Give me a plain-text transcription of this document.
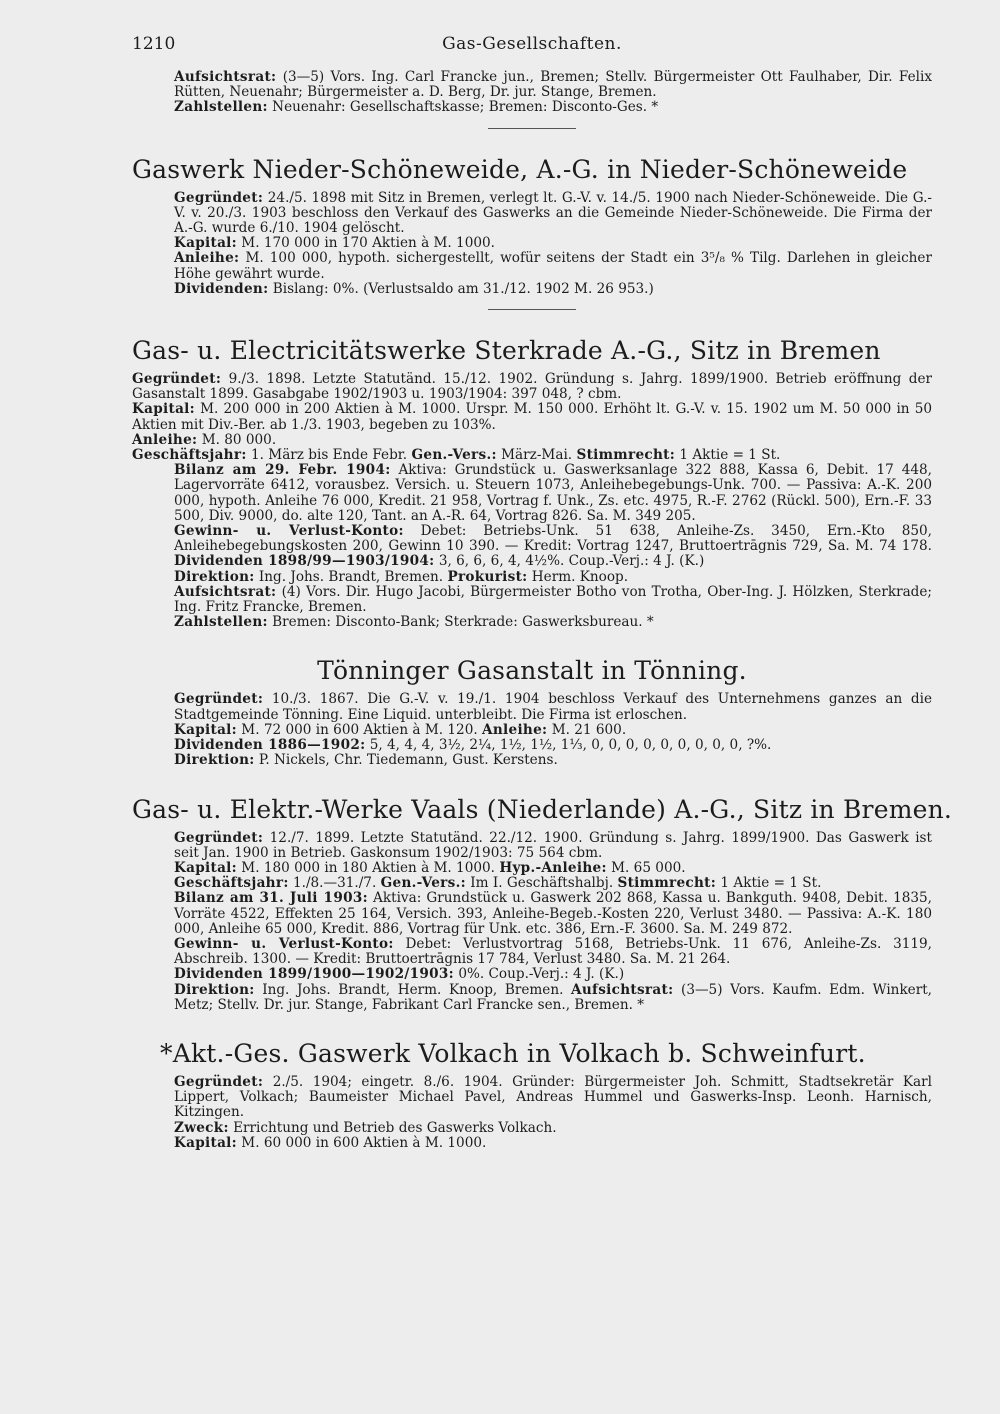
1210	Gas-Gesellschaften.

Aufsichtsrat: (3—5) Vors. Ing. Carl Francke jun., Bremen; Stellv. Bürgermeister Ott Faulhaber, Dir. Felix Rütten, Neuenahr; Bürgermeister a. D. Berg, Dr. jur. Stange, Bremen.

Zahlstellen: Neuenahr: Gesellschaftskasse; Bremen: Disconto-Ges. *

Gaswerk Nieder-Schöneweide, A.-G. in Nieder-Schöneweide

Gegründet: 24./5. 1898 mit Sitz in Bremen, verlegt lt. G.-V. v. 14./5. 1900 nach Nieder-Schöneweide. Die G.-V. v. 20./3. 1903 beschloss den Verkauf des Gaswerks an die Gemeinde Nieder-Schöneweide. Die Firma der A.-G. wurde 6./10. 1904 gelöscht.

Kapital: M. 170 000 in 170 Aktien à M. 1000.

Anleihe: M. 100 000, hypoth. sichergestellt, wofür seitens der Stadt ein 3⁵/₈ % Tilg. Darlehen in gleicher Höhe gewährt wurde.

Dividenden: Bislang: 0%. (Verlustsaldo am 31./12. 1902 M. 26 953.)

Gas- u. Electricitätswerke Sterkrade A.-G., Sitz in Bremen

Gegründet: 9./3. 1898. Letzte Statutänd. 15./12. 1902. Gründung s. Jahrg. 1899/1900. Betrieb eröffnung der Gasanstalt 1899. Gasabgabe 1902/1903 u. 1903/1904: 397 048, ? cbm.

Kapital: M. 200 000 in 200 Aktien à M. 1000. Urspr. M. 150 000. Erhöht lt. G.-V. v. 15. 1902 um M. 50 000 in 50 Aktien mit Div.-Ber. ab 1./3. 1903, begeben zu 103%.

Anleihe: M. 80 000.

Geschäftsjahr: 1. März bis Ende Febr. Gen.-Vers.: März-Mai. Stimmrecht: 1 Aktie = 1 St.

Bilanz am 29. Febr. 1904: Aktiva: Grundstück u. Gaswerksanlage 322 888, Kassa 6, Debit. 17 448, Lagervorräte 6412, vorausbez. Versich. u. Steuern 1073, Anleihebegebungs-Unk. 700. — Passiva: A.-K. 200 000, hypoth. Anleihe 76 000, Kredit. 21 958, Vortrag f. Unk., Zs. etc. 4975, R.-F. 2762 (Rückl. 500), Ern.-F. 33 500, Div. 9000, do. alte 120, Tant. an A.-R. 64, Vortrag 826. Sa. M. 349 205.

Gewinn- u. Verlust-Konto: Debet: Betriebs-Unk. 51 638, Anleihe-Zs. 3450, Ern.-Kto 850, Anleihebegebungskosten 200, Gewinn 10 390. — Kredit: Vortrag 1247, Bruttoertrāgnis 729, Sa. M. 74 178. Dividenden 1898/99—1903/1904: 3, 6, 6, 6, 4, 4½%. Coup.-Verj.: 4 J. (K.)

Direktion: Ing. Johs. Brandt, Bremen. Prokurist: Herm. Knoop.

Aufsichtsrat: (4) Vors. Dir. Hugo Jacobi, Bürgermeister Botho von Trotha, Ober-Ing. J. Hölzken, Sterkrade; Ing. Fritz Francke, Bremen.

Zahlstellen: Bremen: Disconto-Bank; Sterkrade: Gaswerksbureau. *

Tönninger Gasanstalt in Tönning.

Gegründet: 10./3. 1867. Die G.-V. v. 19./1. 1904 beschloss Verkauf des Unternehmens ganzes an die Stadtgemeinde Tönning. Eine Liquid. unterbleibt. Die Firma ist erloschen.

Kapital: M. 72 000 in 600 Aktien à M. 120. Anleihe: M. 21 600.

Dividenden 1886—1902: 5, 4, 4, 4, 3½, 2¼, 1½, 1½, 1⅓, 0, 0, 0, 0, 0, 0, 0, 0, 0, ?%.

Direktion: P. Nickels, Chr. Tiedemann, Gust. Kerstens.

Gas- u. Elektr.-Werke Vaals (Niederlande) A.-G., Sitz in Bremen.

Gegründet: 12./7. 1899. Letzte Statutänd. 22./12. 1900. Gründung s. Jahrg. 1899/1900. Das Gaswerk ist seit Jan. 1900 in Betrieb. Gaskonsum 1902/1903: 75 564 cbm.

Kapital: M. 180 000 in 180 Aktien à M. 1000. Hyp.-Anleihe: M. 65 000.

Geschäftsjahr: 1./8.—31./7. Gen.-Vers.: Im I. Geschäftshalbj. Stimmrecht: 1 Aktie = 1 St.

Bilanz am 31. Juli 1903: Aktiva: Grundstück u. Gaswerk 202 868, Kassa u. Bankguth. 9408, Debit. 1835, Vorräte 4522, Effekten 25 164, Versich. 393, Anleihe-Begeb.-Kosten 220, Verlust 3480. — Passiva: A.-K. 180 000, Anleihe 65 000, Kredit. 886, Vortrag für Unk. etc. 386, Ern.-F. 3600. Sa. M. 249 872.

Gewinn- u. Verlust-Konto: Debet: Verlustvortrag 5168, Betriebs-Unk. 11 676, Anleihe-Zs. 3119, Abschreib. 1300. — Kredit: Bruttoertrāgnis 17 784, Verlust 3480. Sa. M. 21 264.

Dividenden 1899/1900—1902/1903: 0%. Coup.-Verj.: 4 J. (K.)

Direktion: Ing. Johs. Brandt, Herm. Knoop, Bremen. Aufsichtsrat: (3—5) Vors. Kaufm. Edm. Winkert, Metz; Stellv. Dr. jur. Stange, Fabrikant Carl Francke sen., Bremen. *

*Akt.-Ges. Gaswerk Volkach in Volkach b. Schweinfurt.

Gegründet: 2./5. 1904; eingetr. 8./6. 1904. Gründer: Bürgermeister Joh. Schmitt, Stadtsekretär Karl Lippert, Volkach; Baumeister Michael Pavel, Andreas Hummel und Gaswerks-Insp. Leonh. Harnisch, Kitzingen.

Zweck: Errichtung und Betrieb des Gaswerks Volkach.

Kapital: M. 60 000 in 600 Aktien à M. 1000.
